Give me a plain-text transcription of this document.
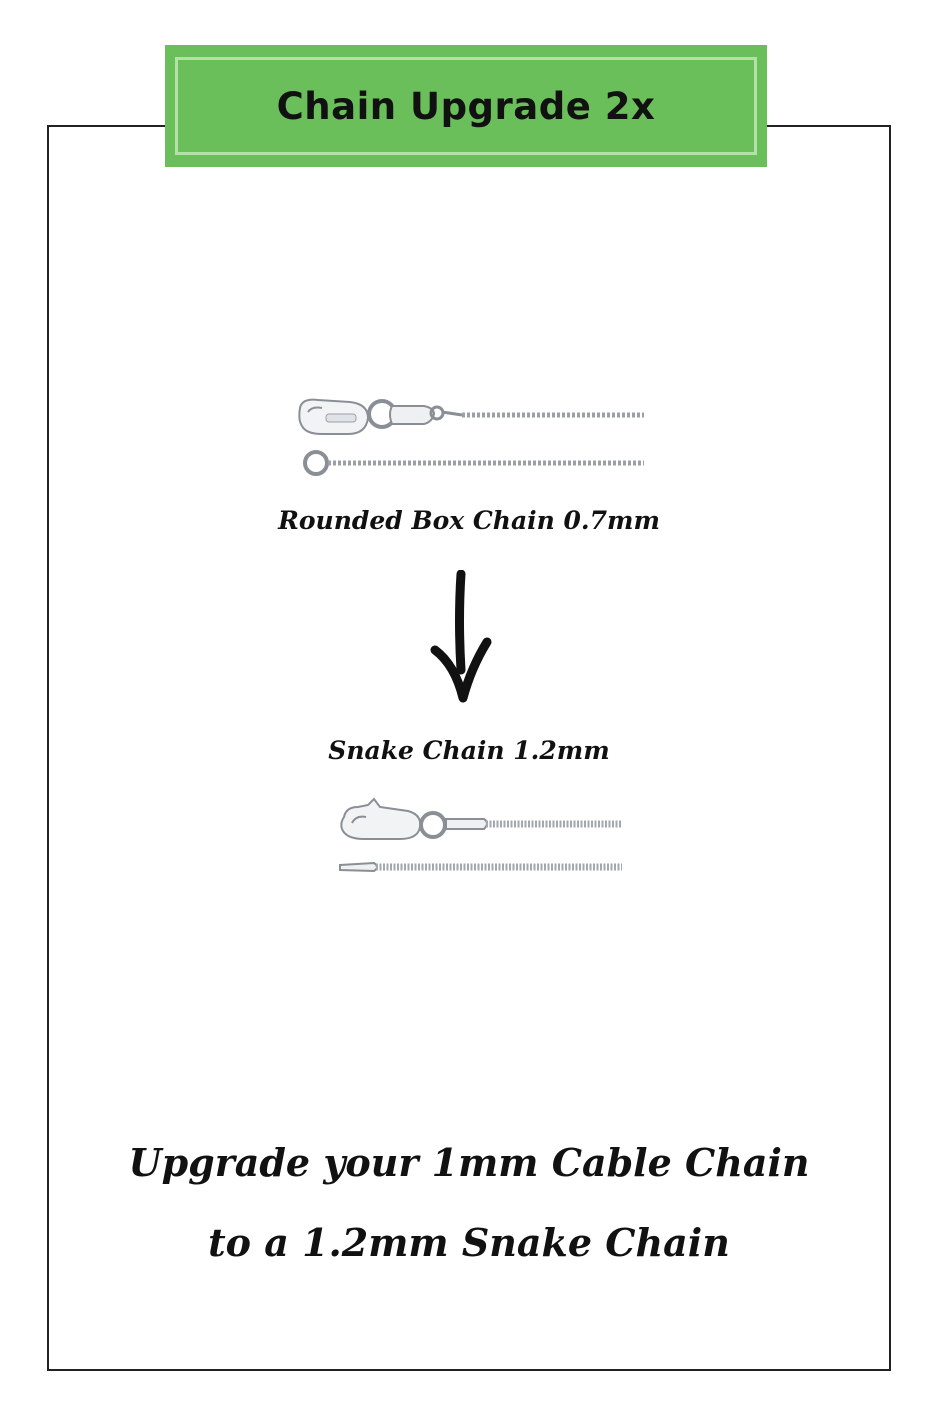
Chain Upgrade 2x
Rounded Box Chain 0.7mm
Snake Chain 1.2mm
Upgrade your 1mm Cable Chain
to a 1.2mm Snake Chain
